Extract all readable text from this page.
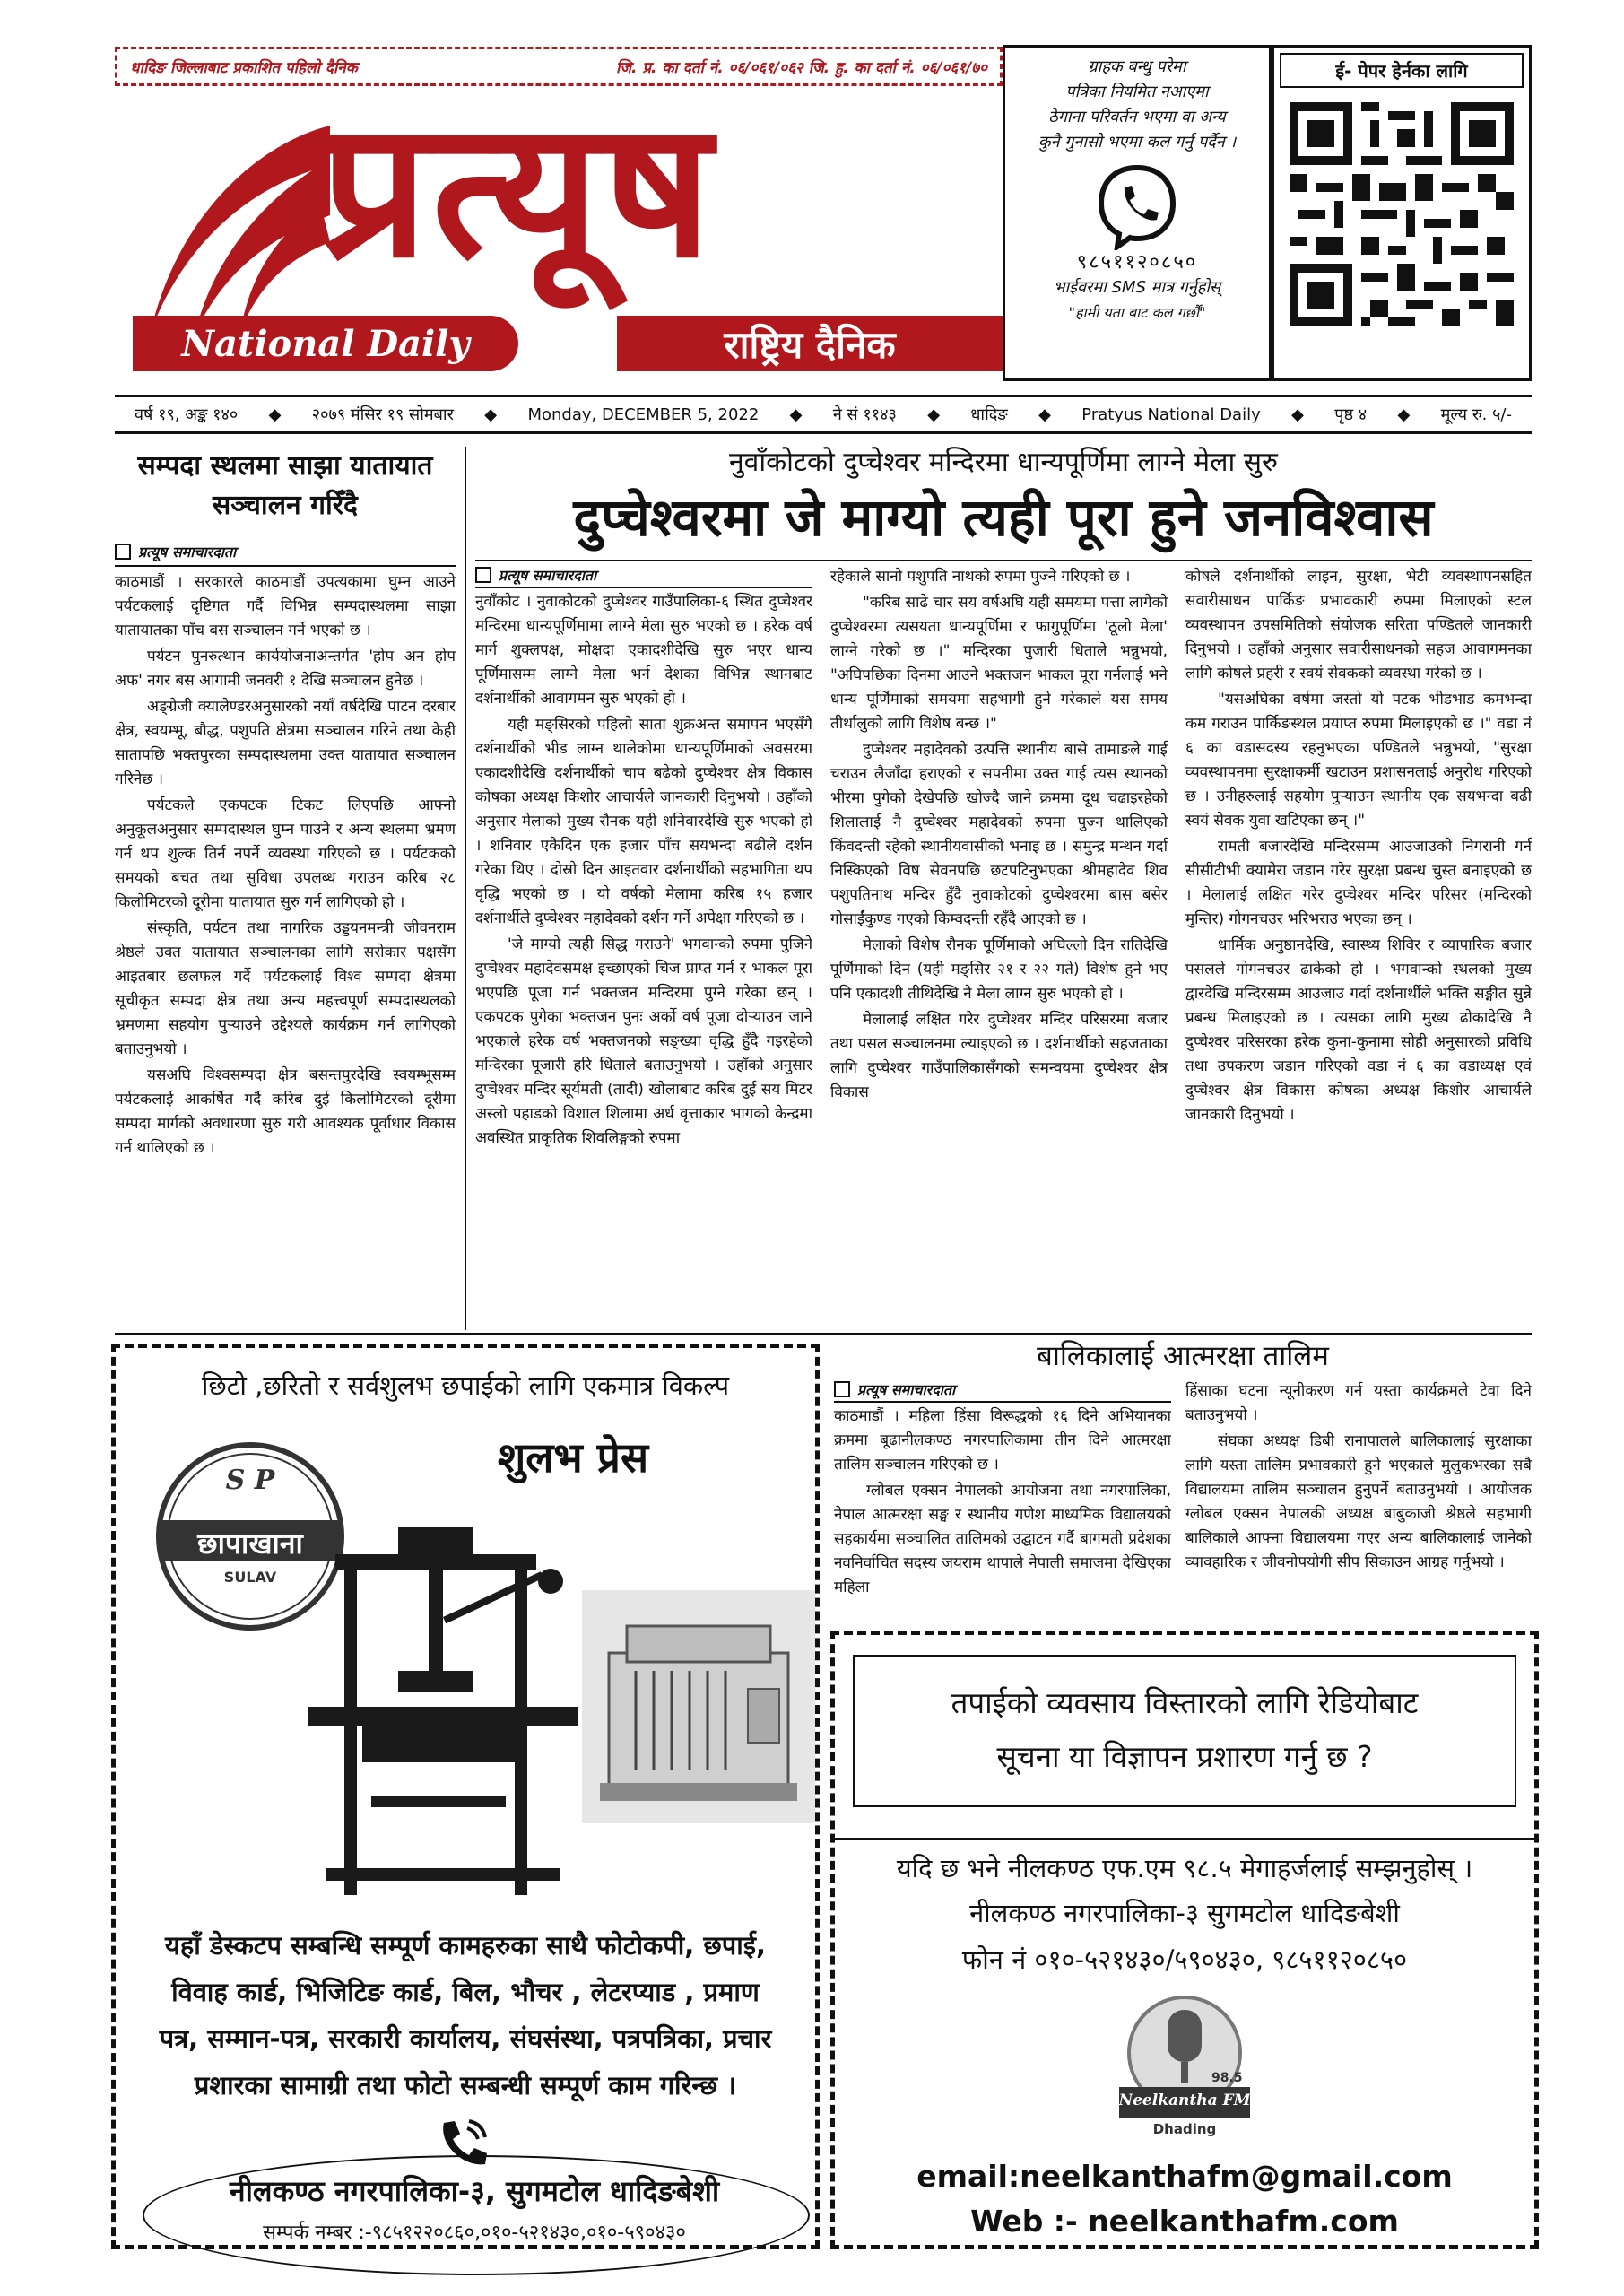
धादिङ जिल्लाबाट प्रकाशित पहिलो दैनिक	जि. प्र. का दर्ता नं. ०६/०६१/०६२ जि. हु. का दर्ता नं. ०६/०६१/७०
प्रत्यूष
National Daily	राष्ट्रिय दैनिक
ग्राहक बन्धु परेमा
पत्रिका नियमित नआएमा
ठेगाना परिवर्तन भएमा वा अन्य
कुनै गुनासो भएमा कल गर्नु पर्दैन ।
९८५११२०८५०
भाईवरमा SMS मात्र गर्नुहोस्
"हामी यता बाट कल गर्छौं"
ई- पेपर हेर्नका लागि
वर्ष १९, अङ्क १४० ◆ २०७९ मंसिर १९ सोमबार ◆ Monday, DECEMBER 5, 2022 ◆ ने सं ११४३ ◆ धादिङ ◆ Pratyus National Daily ◆ पृष्ठ ४ ◆ मूल्य रु. ५/-
सम्पदा स्थलमा साझा यातायात
सञ्चालन गरिँदै
प्रत्यूष समाचारदाता

काठमाडौं । सरकारले काठमाडौं उपत्यकामा घुम्न आउने पर्यटकलाई दृष्टिगत गर्दै विभिन्न सम्पदास्थलमा साझा यातायातका पाँच बस सञ्चालन गर्ने भएको छ ।

पर्यटन पुनरुत्थान कार्ययोजनाअन्तर्गत 'होप अन होप अफ' नगर बस आगामी जनवरी १ देखि सञ्चालन हुनेछ ।

अङ्ग्रेजी क्यालेण्डरअनुसारको नयाँ वर्षदेखि पाटन दरबार क्षेत्र, स्वयम्भू, बौद्ध, पशुपति क्षेत्रमा सञ्चालन गरिने तथा केही सातापछि भक्तपुरका सम्पदास्थलमा उक्त यातायात सञ्चालन गरिनेछ ।

पर्यटकले एकपटक टिकट लिएपछि आफ्नो अनुकूलअनुसार सम्पदास्थल घुम्न पाउने र अन्य स्थलमा भ्रमण गर्न थप शुल्क तिर्न नपर्ने व्यवस्था गरिएको छ । पर्यटकको समयको बचत तथा सुविधा उपलब्ध गराउन करिब २८ किलोमिटरको दूरीमा यातायात सुरु गर्न लागिएको हो ।

संस्कृति, पर्यटन तथा नागरिक उड्डयनमन्त्री जीवनराम श्रेष्ठले उक्त यातायात सञ्चालनका लागि सरोकार पक्षसँग आइतबार छलफल गर्दै पर्यटकलाई विश्व सम्पदा क्षेत्रमा सूचीकृत सम्पदा क्षेत्र तथा अन्य महत्त्वपूर्ण सम्पदास्थलको भ्रमणमा सहयोग पुऱ्याउने उद्देश्यले कार्यक्रम गर्न लागिएको बताउनुभयो ।

यसअघि विश्वसम्पदा क्षेत्र बसन्तपुरदेखि स्वयम्भूसम्म पर्यटकलाई आकर्षित गर्दै करिब दुई किलोमिटरको दूरीमा सम्पदा मार्गको अवधारणा सुरु गरी आवश्यक पूर्वाधार विकास गर्न थालिएको छ ।

नुवाँकोटको दुप्चेश्वर मन्दिरमा धान्यपूर्णिमा लाग्ने मेला सुरु
दुप्चेश्वरमा जे माग्यो त्यही पूरा हुने जनविश्वास
प्रत्यूष समाचारदाता

नुवाँकोट । नुवाकोटको दुप्चेश्वर गाउँपालिका-६ स्थित दुप्चेश्वर मन्दिरमा धान्यपूर्णिमामा लाग्ने मेला सुरु भएको छ । हरेक वर्ष मार्ग शुक्लपक्ष, मोक्षदा एकादशीदेखि सुरु भएर धान्य पूर्णिमासम्म लाग्ने मेला भर्न देशका विभिन्न स्थानबाट दर्शनार्थीको आवागमन सुरु भएको हो ।

यही मङ्सिरको पहिलो साता शुक्रअन्त समापन भएसँगै दर्शनार्थीको भीड लाग्न थालेकोमा धान्यपूर्णिमाको अवसरमा एकादशीदेखि दर्शनार्थीको चाप बढेको दुप्चेश्वर क्षेत्र विकास कोषका अध्यक्ष किशोर आचार्यले जानकारी दिनुभयो । उहाँको अनुसार मेलाको मुख्य रौनक यही शनिवारदेखि सुरु भएको हो । शनिवार एकैदिन एक हजार पाँच सयभन्दा बढीले दर्शन गरेका थिए । दोस्रो दिन आइतवार दर्शनार्थीको सहभागिता थप वृद्धि भएको छ । यो वर्षको मेलामा करिब १५ हजार दर्शनार्थीले दुप्चेश्वर महादेवको दर्शन गर्ने अपेक्षा गरिएको छ ।

'जे माग्यो त्यही सिद्ध गराउने' भगवान्को रुपमा पुजिने दुप्चेश्वर महादेवसमक्ष इच्छाएको चिज प्राप्त गर्न र भाकल पूरा भएपछि पूजा गर्न भक्तजन मन्दिरमा पुग्ने गरेका छन् । एकपटक पुगेका भक्तजन पुनः अर्को वर्ष पूजा दोऱ्याउन जाने भएकाले हरेक वर्ष भक्तजनको सङ्ख्या वृद्धि हुँदै गइरहेको मन्दिरका पूजारी हरि धिताले बताउनुभयो । उहाँको अनुसार दुप्चेश्वर मन्दिर सूर्यमती (तादी) खोलाबाट करिब दुई सय मिटर अस्लो पहाडको विशाल शिलामा अर्ध वृत्ताकार भागको केन्द्रमा अवस्थित प्राकृतिक शिवलिङ्गको रुपमा

रहेकाले सानो पशुपति नाथको रुपमा पुज्ने गरिएको छ ।

"करिब साढे चार सय वर्षअघि यही समयमा पत्ता लागेको दुप्चेश्वरमा त्यसयता धान्यपूर्णिमा र फागुपूर्णिमा 'ठूलो मेला' लाग्ने गरेको छ ।" मन्दिरका पुजारी धिताले भन्नुभयो, "अघिपछिका दिनमा आउने भक्तजन भाकल पूरा गर्नलाई भने धान्य पूर्णिमाको समयमा सहभागी हुने गरेकाले यस समय तीर्थालुको लागि विशेष बन्छ ।"

दुप्चेश्वर महादेवको उत्पत्ति स्थानीय बासे तामाङले गाई चराउन लैजाँदा हराएको र सपनीमा उक्त गाई त्यस स्थानको भीरमा पुगेको देखेपछि खोज्दै जाने क्रममा दूध चढाइरहेको शिलालाई नै दुप्चेश्वर महादेवको रुपमा पुज्न थालिएको किंवदन्ती रहेको स्थानीयवासीको भनाइ छ । समुन्द्र मन्थन गर्दा निस्किएको विष सेवनपछि छटपटिनुभएका श्रीमहादेव शिव पशुपतिनाथ मन्दिर हुँदै नुवाकोटको दुप्चेश्वरमा बास बसेर गोसाईंकुण्ड गएको किम्वदन्ती रहँदै आएको छ ।

मेलाको विशेष रौनक पूर्णिमाको अघिल्लो दिन रातिदेखि पूर्णिमाको दिन (यही मङ्सिर २१ र २२ गते) विशेष हुने भए पनि एकादशी तीथिदेखि नै मेला लाग्न सुरु भएको हो ।

मेलालाई लक्षित गरेर दुप्चेश्वर मन्दिर परिसरमा बजार तथा पसल सञ्चालनमा ल्याइएको छ । दर्शनार्थीको सहजताका लागि दुप्चेश्वर गाउँपालिकासँगको समन्वयमा दुप्चेश्वर क्षेत्र विकास

कोषले दर्शनार्थीको लाइन, सुरक्षा, भेटी व्यवस्थापनसहित सवारीसाधन पार्किङ प्रभावकारी रुपमा मिलाएको स्टल व्यवस्थापन उपसमितिको संयोजक सरिता पण्डितले जानकारी दिनुभयो । उहाँको अनुसार सवारीसाधनको सहज आवागमनका लागि कोषले प्रहरी र स्वयं सेवकको व्यवस्था गरेको छ ।

"यसअघिका वर्षमा जस्तो यो पटक भीडभाड कमभन्दा कम गराउन पार्किङस्थल प्रयाप्त रुपमा मिलाइएको छ ।" वडा नं ६ का वडासदस्य रहनुभएका पण्डितले भन्नुभयो, "सुरक्षा व्यवस्थापनमा सुरक्षाकर्मी खटाउन प्रशासनलाई अनुरोध गरिएको छ । उनीहरुलाई सहयोग पुऱ्याउन स्थानीय एक सयभन्दा बढी स्वयं सेवक युवा खटिएका छन् ।"

रामती बजारदेखि मन्दिरसम्म आउजाउको निगरानी गर्न सीसीटीभी क्यामेरा जडान गरेर सुरक्षा प्रबन्ध चुस्त बनाइएको छ । मेलालाई लक्षित गरेर दुप्चेश्वर मन्दिर परिसर (मन्दिरको मुन्तिर) गोगनचउर भरिभराउ भएका छन् ।

धार्मिक अनुष्ठानदेखि, स्वास्थ्य शिविर र व्यापारिक बजार पसलले गोगनचउर ढाकेको हो । भगवान्को स्थलको मुख्य द्वारदेखि मन्दिरसम्म आउजाउ गर्दा दर्शनार्थीले भक्ति सङ्गीत सुन्ने प्रबन्ध मिलाइएको छ । त्यसका लागि मुख्य ढोकादेखि नै दुप्चेश्वर परिसरका हरेक कुना-कुनामा सोही अनुसारको प्रविधि तथा उपकरण जडान गरिएको वडा नं ६ का वडाध्यक्ष एवं दुप्चेश्वर क्षेत्र विकास कोषका अध्यक्ष किशोर आचार्यले जानकारी दिनुभयो ।

छिटो ,छरितो र सर्वशुलभ छपाईको लागि एकमात्र विकल्प
शुलभ प्रेस
S P
छापाखाना
SULAV
यहाँ डेस्कटप सम्बन्धि सम्पूर्ण कामहरुका साथै फोटोकपी, छपाई, विवाह कार्ड, भिजिटिङ कार्ड, बिल, भौचर , लेटरप्याड , प्रमाण पत्र, सम्मान-पत्र, सरकारी कार्यालय, संघसंस्था, पत्रपत्रिका, प्रचार प्रशारका सामाग्री तथा फोटो सम्बन्धी सम्पूर्ण काम गरिन्छ ।
नीलकण्ठ नगरपालिका-३, सुगमटोल धादिङबेशी
सम्पर्क नम्बर :-९८५१२२०८६०,०१०-५२१४३०,०१०-५९०४३०
बालिकालाई आत्मरक्षा तालिम
प्रत्यूष समाचारदाता

काठमाडौं । महिला हिंसा विरूद्धको १६ दिने अभियानका क्रममा बूढानीलकण्ठ नगरपालिकामा तीन दिने आत्मरक्षा तालिम सञ्चालन गरिएको छ ।

ग्लोबल एक्सन नेपालको आयोजना तथा नगरपालिका, नेपाल आत्मरक्षा सङ्घ र स्थानीय गणेश माध्यमिक विद्यालयको सहकार्यमा सञ्चालित तालिमको उद्घाटन गर्दै बागमती प्रदेशका नवनिर्वाचित सदस्य जयराम थापाले नेपाली समाजमा देखिएका महिला

हिंसाका घटना न्यूनीकरण गर्न यस्ता कार्यक्रमले टेवा दिने बताउनुभयो ।

संघका अध्यक्ष डिबी रानापालले बालिकालाई सुरक्षाका लागि यस्ता तालिम प्रभावकारी हुने भएकाले मुलुकभरका सबै विद्यालयमा तालिम सञ्चालन हुनुपर्ने बताउनुभयो । आयोजक ग्लोबल एक्सन नेपालकी अध्यक्ष बाबुकाजी श्रेष्ठले सहभागी बालिकाले आफ्ना विद्यालयमा गएर अन्य बालिकालाई जानेको व्यावहारिक र जीवनोपयोगी सीप सिकाउन आग्रह गर्नुभयो ।

तपाईको व्यवसाय विस्तारको लागि रेडियोबाट
सूचना या विज्ञापन प्रशारण गर्नु छ ?
यदि छ भने नीलकण्ठ एफ.एम ९८.५ मेगाहर्जलाई सम्झनुहोस् ।
नीलकण्ठ नगरपालिका-३ सुगमटोल धादिङबेशी
फोन नं ०१०-५२१४३०/५९०४३०, ९८५११२०८५०
98.5
Neelkantha FM
Dhading
email:neelkanthafm@gmail.com
Web :- neelkanthafm.com
